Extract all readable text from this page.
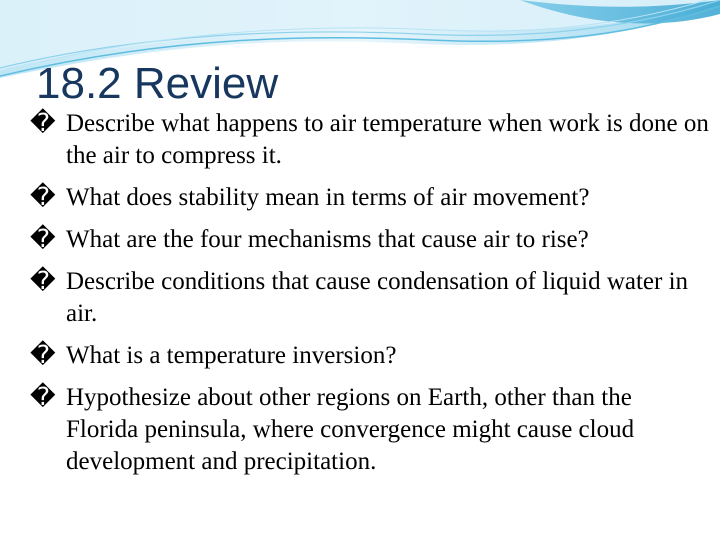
18.2 Review
� Describe what happens to air temperature when work is done on the air to compress it.
� What does stability mean in terms of air movement?
� What are the four mechanisms that cause air to rise?
� Describe conditions that cause condensation of liquid water in air.
� What is a temperature inversion?
� Hypothesize about other regions on Earth, other than the Florida peninsula, where convergence might cause cloud development and precipitation.
